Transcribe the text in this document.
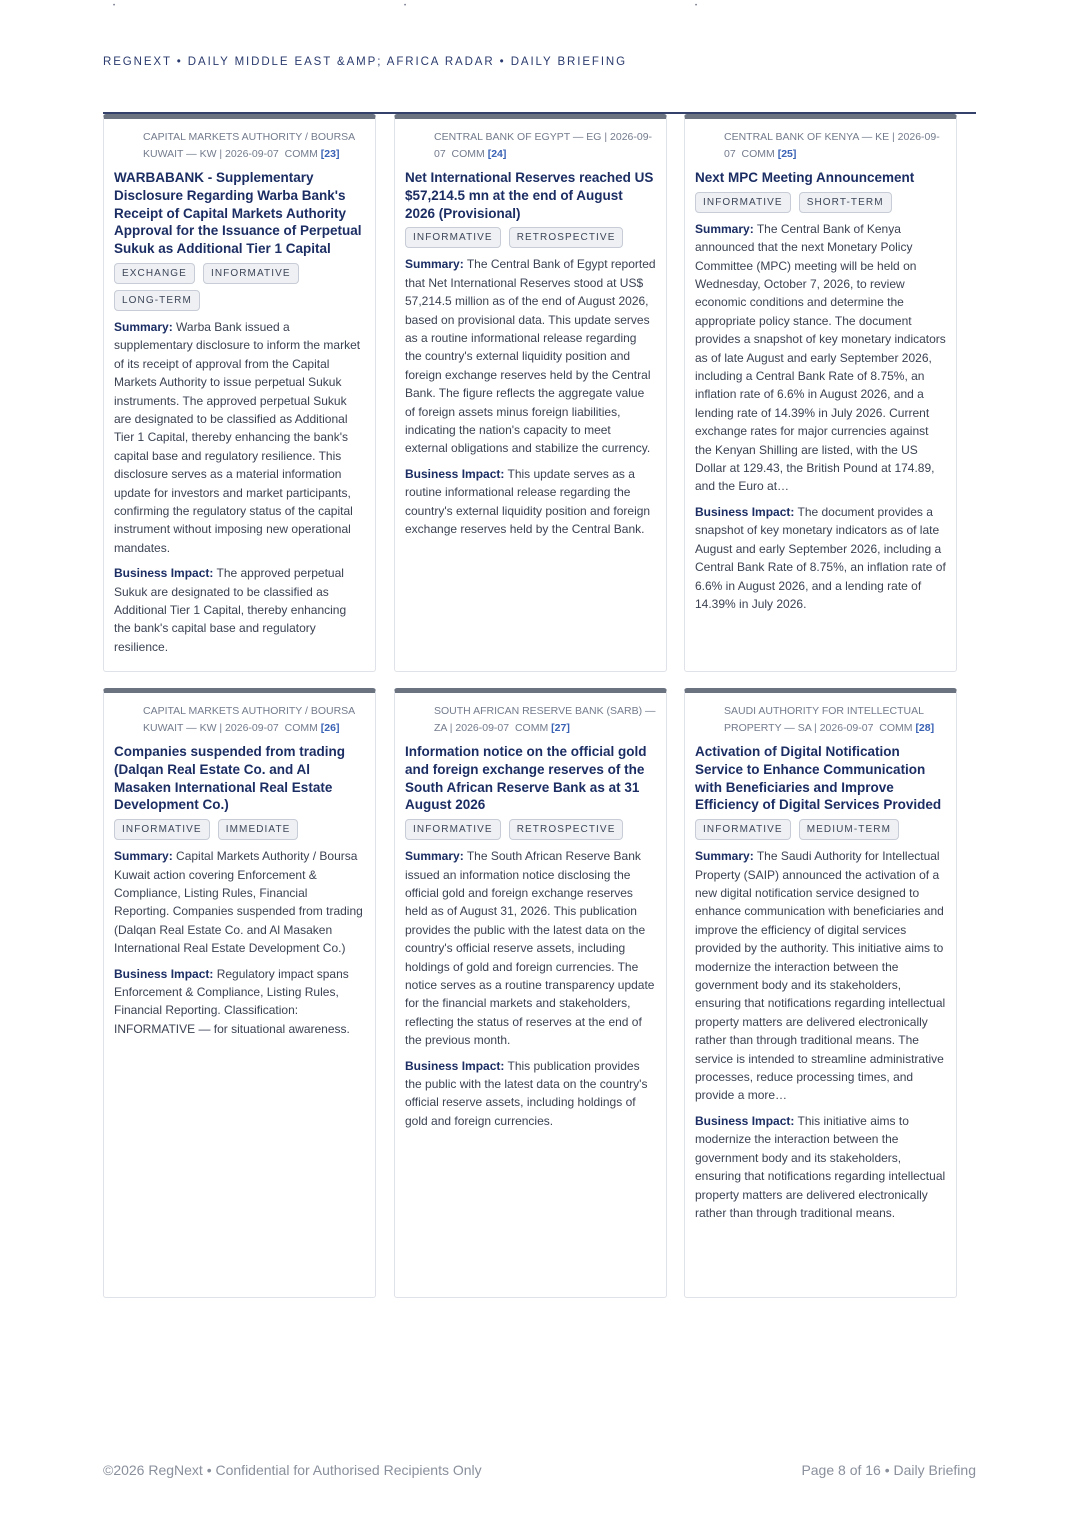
•	•	•
REGNEXT • DAILY MIDDLE EAST &AMP; AFRICA RADAR • DAILY BRIEFING
CAPITAL MARKETS AUTHORITY / BOURSA KUWAIT — KW | 2026-09-07 COMM [23]
WARBABANK - Supplementary Disclosure Regarding Warba Bank's Receipt of Capital Markets Authority Approval for the Issuance of Perpetual Sukuk as Additional Tier 1 Capital
EXCHANGE	INFORMATIVE
LONG-TERM
Summary: Warba Bank issued a supplementary disclosure to inform the market of its receipt of approval from the Capital Markets Authority to issue perpetual Sukuk instruments. The approved perpetual Sukuk are designated to be classified as Additional Tier 1 Capital, thereby enhancing the bank's capital base and regulatory resilience. This disclosure serves as a material information update for investors and market participants, confirming the regulatory status of the capital instrument without imposing new operational mandates.
Business Impact: The approved perpetual Sukuk are designated to be classified as Additional Tier 1 Capital, thereby enhancing the bank's capital base and regulatory resilience.
CENTRAL BANK OF EGYPT — EG | 2026-09-07 COMM [24]
Net International Reserves reached US $57,214.5 mn at the end of August 2026 (Provisional)
INFORMATIVE	RETROSPECTIVE
Summary: The Central Bank of Egypt reported that Net International Reserves stood at US$ 57,214.5 million as of the end of August 2026, based on provisional data. This update serves as a routine informational release regarding the country's external liquidity position and foreign exchange reserves held by the Central Bank. The figure reflects the aggregate value of foreign assets minus foreign liabilities, indicating the nation's capacity to meet external obligations and stabilize the currency.
Business Impact: This update serves as a routine informational release regarding the country's external liquidity position and foreign exchange reserves held by the Central Bank.
CENTRAL BANK OF KENYA — KE | 2026-09-07 COMM [25]
Next MPC Meeting Announcement
INFORMATIVE	SHORT-TERM
Summary: The Central Bank of Kenya announced that the next Monetary Policy Committee (MPC) meeting will be held on Wednesday, October 7, 2026, to review economic conditions and determine the appropriate policy stance. The document provides a snapshot of key monetary indicators as of late August and early September 2026, including a Central Bank Rate of 8.75%, an inflation rate of 6.6% in August 2026, and a lending rate of 14.39% in July 2026. Current exchange rates for major currencies against the Kenyan Shilling are listed, with the US Dollar at 129.43, the British Pound at 174.89, and the Euro at…
Business Impact: The document provides a snapshot of key monetary indicators as of late August and early September 2026, including a Central Bank Rate of 8.75%, an inflation rate of 6.6% in August 2026, and a lending rate of 14.39% in July 2026.
CAPITAL MARKETS AUTHORITY / BOURSA KUWAIT — KW | 2026-09-07 COMM [26]
Companies suspended from trading (Dalqan Real Estate Co. and Al Masaken International Real Estate Development Co.)
INFORMATIVE	IMMEDIATE
Summary: Capital Markets Authority / Boursa Kuwait action covering Enforcement & Compliance, Listing Rules, Financial Reporting. Companies suspended from trading (Dalqan Real Estate Co. and Al Masaken International Real Estate Development Co.)
Business Impact: Regulatory impact spans Enforcement & Compliance, Listing Rules, Financial Reporting. Classification: INFORMATIVE — for situational awareness.
SOUTH AFRICAN RESERVE BANK (SARB) — ZA | 2026-09-07 COMM [27]
Information notice on the official gold and foreign exchange reserves of the South African Reserve Bank as at 31 August 2026
INFORMATIVE	RETROSPECTIVE
Summary: The South African Reserve Bank issued an information notice disclosing the official gold and foreign exchange reserves held as of August 31, 2026. This publication provides the public with the latest data on the country's official reserve assets, including holdings of gold and foreign currencies. The notice serves as a routine transparency update for the financial markets and stakeholders, reflecting the status of reserves at the end of the previous month.
Business Impact: This publication provides the public with the latest data on the country's official reserve assets, including holdings of gold and foreign currencies.
SAUDI AUTHORITY FOR INTELLECTUAL PROPERTY — SA | 2026-09-07 COMM [28]
Activation of Digital Notification Service to Enhance Communication with Beneficiaries and Improve Efficiency of Digital Services Provided
INFORMATIVE	MEDIUM-TERM
Summary: The Saudi Authority for Intellectual Property (SAIP) announced the activation of a new digital notification service designed to enhance communication with beneficiaries and improve the efficiency of digital services provided by the authority. This initiative aims to modernize the interaction between the government body and its stakeholders, ensuring that notifications regarding intellectual property matters are delivered electronically rather than through traditional means. The service is intended to streamline administrative processes, reduce processing times, and provide a more…
Business Impact: This initiative aims to modernize the interaction between the government body and its stakeholders, ensuring that notifications regarding intellectual property matters are delivered electronically rather than through traditional means.
©2026 RegNext • Confidential for Authorised Recipients Only	Page 8 of 16 • Daily Briefing
